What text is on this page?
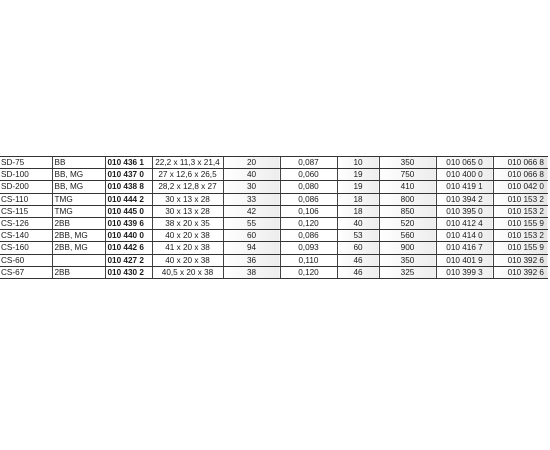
SD-75	BB	010 436 1	22,2 x 11,3 x 21,4	20	0,087	10	350	010 065 0	010 066 8
SD-100	BB, MG	010 437 0	27 x 12,6 x 26,5	40	0,060	19	750	010 400 0	010 066 8
SD-200	BB, MG	010 438 8	28,2 x 12,8 x 27	30	0,080	19	410	010 419 1	010 042 0
CS-110	TMG	010 444 2	30 x 13 x 28	33	0,086	18	800	010 394 2	010 153 2
CS-115	TMG	010 445 0	30 x 13 x 28	42	0,106	18	850	010 395 0	010 153 2
CS-126	2BB	010 439 6	38 x 20 x 35	55	0,120	40	520	010 412 4	010 155 9
CS-140	2BB, MG	010 440 0	40 x 20 x 38	60	0,086	53	560	010 414 0	010 153 2
CS-160	2BB, MG	010 442 6	41 x 20 x 38	94	0,093	60	900	010 416 7	010 155 9
CS-60		010 427 2	40 x 20 x 38	36	0,110	46	350	010 401 9	010 392 6
CS-67	2BB	010 430 2	40,5 x 20 x 38	38	0,120	46	325	010 399 3	010 392 6
